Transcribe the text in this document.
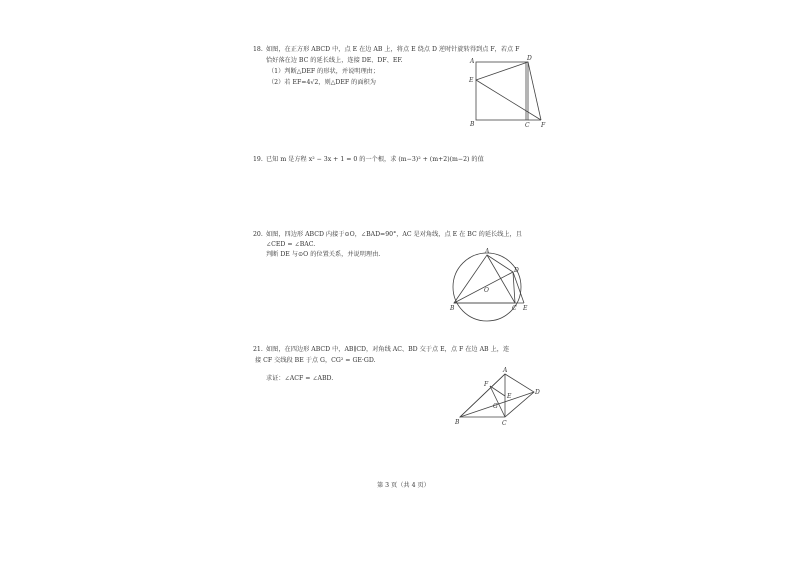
18. 如图，在正方形 ABCD 中，点 E 在边 AB 上，将点 E 绕点 D 逆时针旋转得到点 F，若点 F
恰好落在边 BC 的延长线上，连接 DE、DF、EF.
（1）判断△DEF 的形状，并说明理由；
（2）若 EF=4√2，则△DEF 的面积为
19. 已知 m 是方程 x² − 3x + 1 = 0 的一个根，求 (m−3)² + (m+2)(m−2) 的值
20. 如图，四边形 ABCD 内接于⊙O，∠BAD=90°，AC 是对角线，点 E 在 BC 的延长线上，且
∠CED = ∠BAC.
判断 DE 与⊙O 的位置关系，并说明理由.
21. 如图，在四边形 ABCD 中，AB∥CD，对角线 AC、BD 交于点 E，点 F 在边 AB 上，连
接 CF 交线段 BE 于点 G，CG² = GE·GD.
求证：∠ACF = ∠ABD.
第 3 页（共 4 页）
A	D
E
B	C F
A
D
O
B	C E
A
D
F
E
G
B	C
